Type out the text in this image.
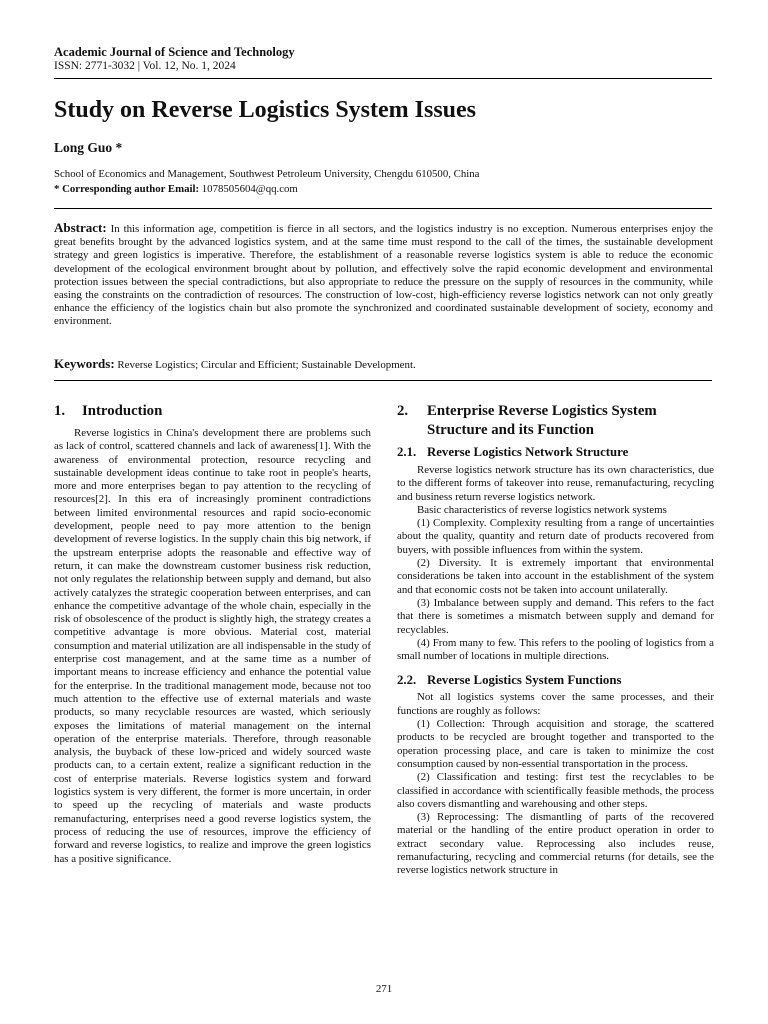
Academic Journal of Science and Technology
ISSN: 2771-3032 | Vol. 12, No. 1, 2024
Study on Reverse Logistics System Issues
Long Guo *
School of Economics and Management, Southwest Petroleum University, Chengdu 610500, China
* Corresponding author Email: 1078505604@qq.com
Abstract: In this information age, competition is fierce in all sectors, and the logistics industry is no exception. Numerous enterprises enjoy the great benefits brought by the advanced logistics system, and at the same time must respond to the call of the times, the sustainable development strategy and green logistics is imperative. Therefore, the establishment of a reasonable reverse logistics system is able to reduce the economic development of the ecological environment brought about by pollution, and effectively solve the rapid economic development and environmental protection issues between the special contradictions, but also appropriate to reduce the pressure on the supply of resources in the community, while easing the constraints on the contradiction of resources. The construction of low-cost, high-efficiency reverse logistics network can not only greatly enhance the efficiency of the logistics chain but also promote the synchronized and coordinated sustainable development of society, economy and environment.
Keywords: Reverse Logistics; Circular and Efficient; Sustainable Development.
1. Introduction

Reverse logistics in China's development there are problems such as lack of control, scattered channels and lack of awareness[1]. With the awareness of environmental protection, resource recycling and sustainable development ideas continue to take root in people's hearts, more and more enterprises began to pay attention to the recycling of resources[2]. In this era of increasingly prominent contradictions between limited environmental resources and rapid socio-economic development, people need to pay more attention to the benign development of reverse logistics. In the supply chain this big network, if the upstream enterprise adopts the reasonable and effective way of return, it can make the downstream customer business risk reduction, not only regulates the relationship between supply and demand, but also actively catalyzes the strategic cooperation between enterprises, and can enhance the competitive advantage of the whole chain, especially in the risk of obsolescence of the product is slightly high, the strategy creates a competitive advantage is more obvious. Material cost, material consumption and material utilization are all indispensable in the study of enterprise cost management, and at the same time as a number of important means to increase efficiency and enhance the potential value for the enterprise. In the traditional management mode, because not too much attention to the effective use of external materials and waste products, so many recyclable resources are wasted, which seriously exposes the limitations of material management on the internal operation of the enterprise materials. Therefore, through reasonable analysis, the buyback of these low-priced and widely sourced waste products can, to a certain extent, realize a significant reduction in the cost of enterprise materials. Reverse logistics system and forward logistics system is very different, the former is more uncertain, in order to speed up the recycling of materials and waste products remanufacturing, enterprises need a good reverse logistics system, the process of reducing the use of resources, improve the efficiency of forward and reverse logistics, to realize and improve the green logistics has a positive significance.

2.	Enterprise Reverse Logistics System Structure and its Function
2.1. Reverse Logistics Network Structure

Reverse logistics network structure has its own characteristics, due to the different forms of takeover into reuse, remanufacturing, recycling and business return reverse logistics network.

Basic characteristics of reverse logistics network systems

(1) Complexity. Complexity resulting from a range of uncertainties about the quality, quantity and return date of products recovered from buyers, with possible influences from within the system.

(2) Diversity. It is extremely important that environmental considerations be taken into account in the establishment of the system and that economic costs not be taken into account unilaterally.

(3) Imbalance between supply and demand. This refers to the fact that there is sometimes a mismatch between supply and demand for recyclables.

(4) From many to few. This refers to the pooling of logistics from a small number of locations in multiple directions.

2.2. Reverse Logistics System Functions

Not all logistics systems cover the same processes, and their functions are roughly as follows:

(1) Collection: Through acquisition and storage, the scattered products to be recycled are brought together and transported to the operation processing place, and care is taken to minimize the cost consumption caused by non-essential transportation in the process.

(2) Classification and testing: first test the recyclables to be classified in accordance with scientifically feasible methods, the process also covers dismantling and warehousing and other steps.

(3) Reprocessing: The dismantling of parts of the recovered material or the handling of the entire product operation in order to extract secondary value. Reprocessing also includes reuse, remanufacturing, recycling and commercial returns (for details, see the reverse logistics network structure in

271
